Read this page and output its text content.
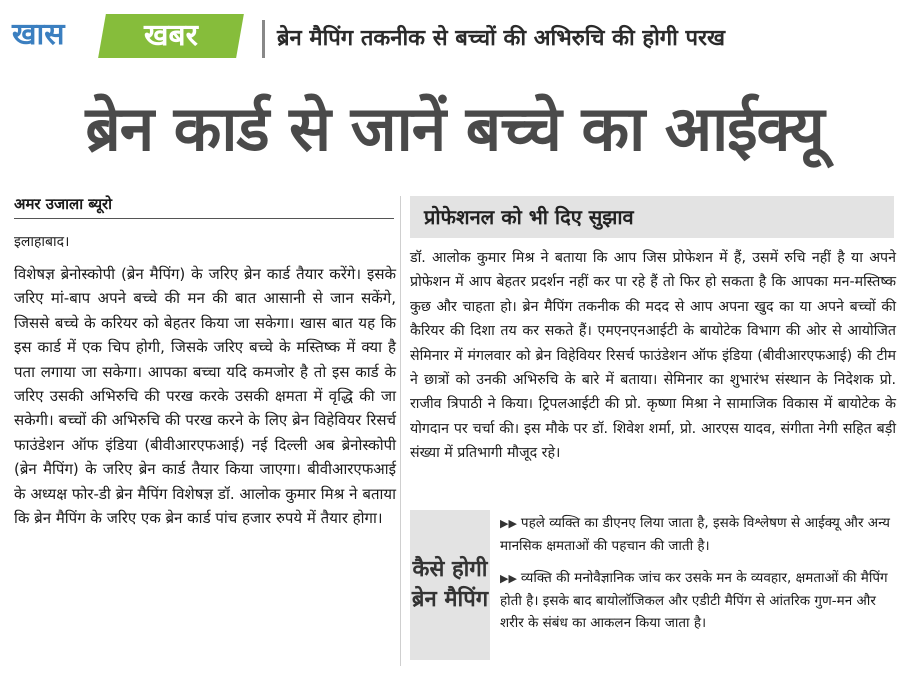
खास	खबर	ब्रेन मैपिंग तकनीक से बच्चों की अभिरुचि की होगी परख
ब्रेन कार्ड से जानें बच्चे का आईक्यू
अमर उजाला ब्यूरो
इलाहाबाद।

विशेषज्ञ ब्रेनोस्कोपी (ब्रेन मैपिंग) के जरिए ब्रेन कार्ड तैयार करेंगे। इसके जरिए मां-बाप अपने बच्चे की मन की बात आसानी से जान सकेंगे, जिससे बच्चे के करियर को बेहतर किया जा सकेगा। खास बात यह कि इस कार्ड में एक चिप होगी, जिसके जरिए बच्चे के मस्तिष्क में क्या है पता लगाया जा सकेगा। आपका बच्चा यदि कमजोर है तो इस कार्ड के जरिए उसकी अभिरुचि की परख करके उसकी क्षमता में वृद्धि की जा सकेगी। बच्चों की अभिरुचि की परख करने के लिए ब्रेन विहेवियर रिसर्च फाउंडेशन ऑफ इंडिया (बीवीआरएफआई) नई दिल्ली अब ब्रेनोस्कोपी (ब्रेन मैपिंग) के जरिए ब्रेन कार्ड तैयार किया जाएगा। बीवीआरएफआई के अध्यक्ष फोर-डी ब्रेन मैपिंग विशेषज्ञ डॉ. आलोक कुमार मिश्र ने बताया कि ब्रेन मैपिंग के जरिए एक ब्रेन कार्ड पांच हजार रुपये में तैयार होगा।

प्रोफेशनल को भी दिए सुझाव

डॉ. आलोक कुमार मिश्र ने बताया कि आप जिस प्रोफेशन में हैं, उसमें रुचि नहीं है या अपने प्रोफेशन में आप बेहतर प्रदर्शन नहीं कर पा रहे हैं तो फिर हो सकता है कि आपका मन-मस्तिष्क कुछ और चाहता हो। ब्रेन मैपिंग तकनीक की मदद से आप अपना खुद का या अपने बच्चों की कैरियर की दिशा तय कर सकते हैं। एमएनएनआईटी के बायोटेक विभाग की ओर से आयोजित सेमिनार में मंगलवार को ब्रेन विहेवियर रिसर्च फाउंडेशन ऑफ इंडिया (बीवीआरएफआई) की टीम ने छात्रों को उनकी अभिरुचि के बारे में बताया। सेमिनार का शुभारंभ संस्थान के निदेशक प्रो. राजीव त्रिपाठी ने किया। ट्रिपलआईटी की प्रो. कृष्णा मिश्रा ने सामाजिक विकास में बायोटेक के योगदान पर चर्चा की। इस मौके पर डॉ. शिवेश शर्मा, प्रो. आरएस यादव, संगीता नेगी सहित बड़ी संख्या में प्रतिभागी मौजूद रहे।

कैसे होगी ब्रेन मैपिंग

▶▶ पहले व्यक्ति का डीएनए लिया जाता है, इसके विश्लेषण से आईक्यू और अन्य मानसिक क्षमताओं की पहचान की जाती है।

▶▶ व्यक्ति की मनोवैज्ञानिक जांच कर उसके मन के व्यवहार, क्षमताओं की मैपिंग होती है। इसके बाद बायोलॉजिकल और एडीटी मैपिंग से आंतरिक गुण-मन और शरीर के संबंध का आकलन किया जाता है।
